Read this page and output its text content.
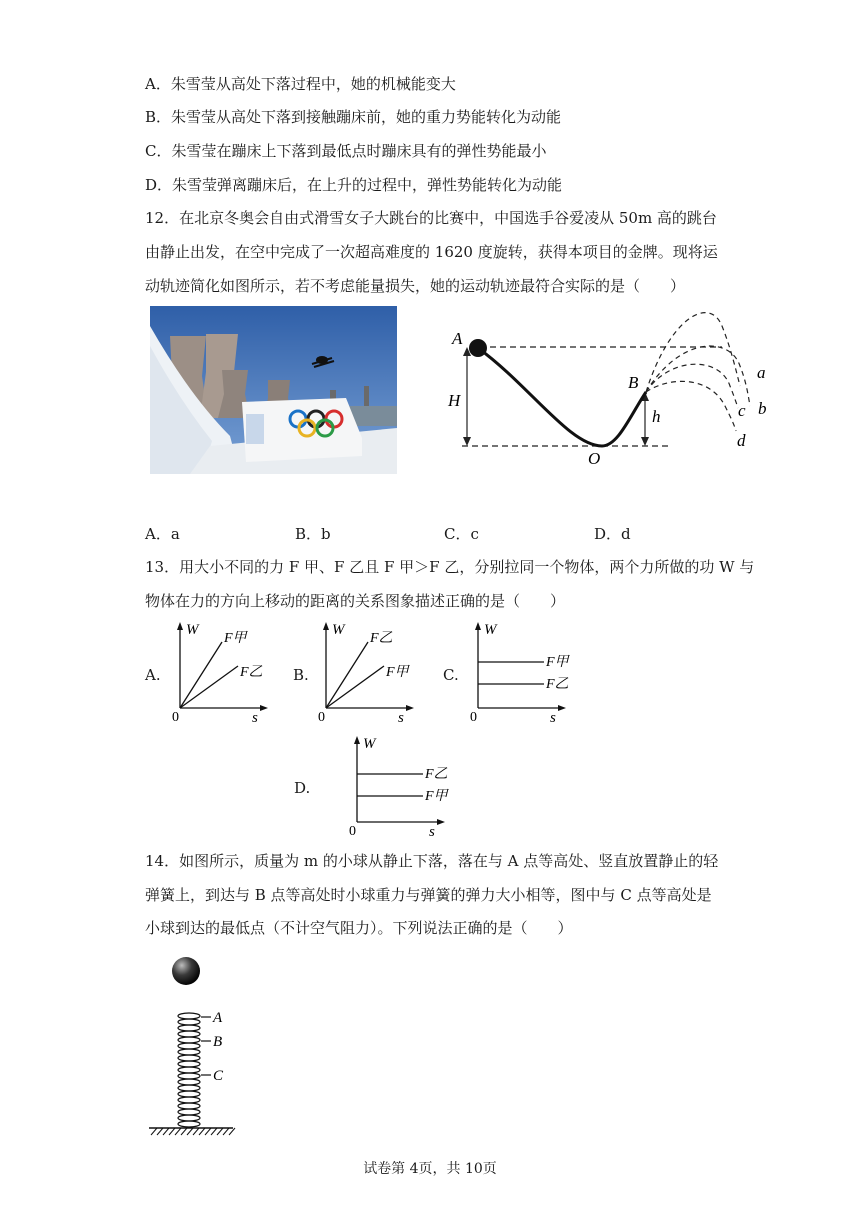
A．朱雪莹从高处下落过程中，她的机械能变大
B．朱雪莹从高处下落到接触蹦床前，她的重力势能转化为动能
C．朱雪莹在蹦床上下落到最低点时蹦床具有的弹性势能最小
D．朱雪莹弹离蹦床后，在上升的过程中，弹性势能转化为动能
12．在北京冬奥会自由式滑雪女子大跳台的比赛中，中国选手谷爱凌从 50m 高的跳台
由静止出发，在空中完成了一次超高难度的 1620 度旋转，获得本项目的金牌。现将运
动轨迹简化如图所示，若不考虑能量损失，她的运动轨迹最符合实际的是（　　）
A
B
H
h
O
a
b
c
d
A．a	B．b	C．c	D．d
13．用大小不同的力 F 甲、F 乙且 F 甲＞F 乙，分别拉同一个物体，两个力所做的功 W 与
物体在力的方向上移动的距离的关系图象描述正确的是（　　）
A.	B.	C.
D.
W
s
0
F甲
F乙
W
s
0
F乙
F甲
W
s
0
F甲
F乙
W
s
0
F乙
F甲
14．如图所示，质量为 m 的小球从静止下落，落在与 A 点等高处、竖直放置静止的轻
弹簧上，到达与 B 点等高处时小球重力与弹簧的弹力大小相等，图中与 C 点等高处是
小球到达的最低点（不计空气阻力）。下列说法正确的是（　　）
A
B
C
试卷第 4页，共 10页
